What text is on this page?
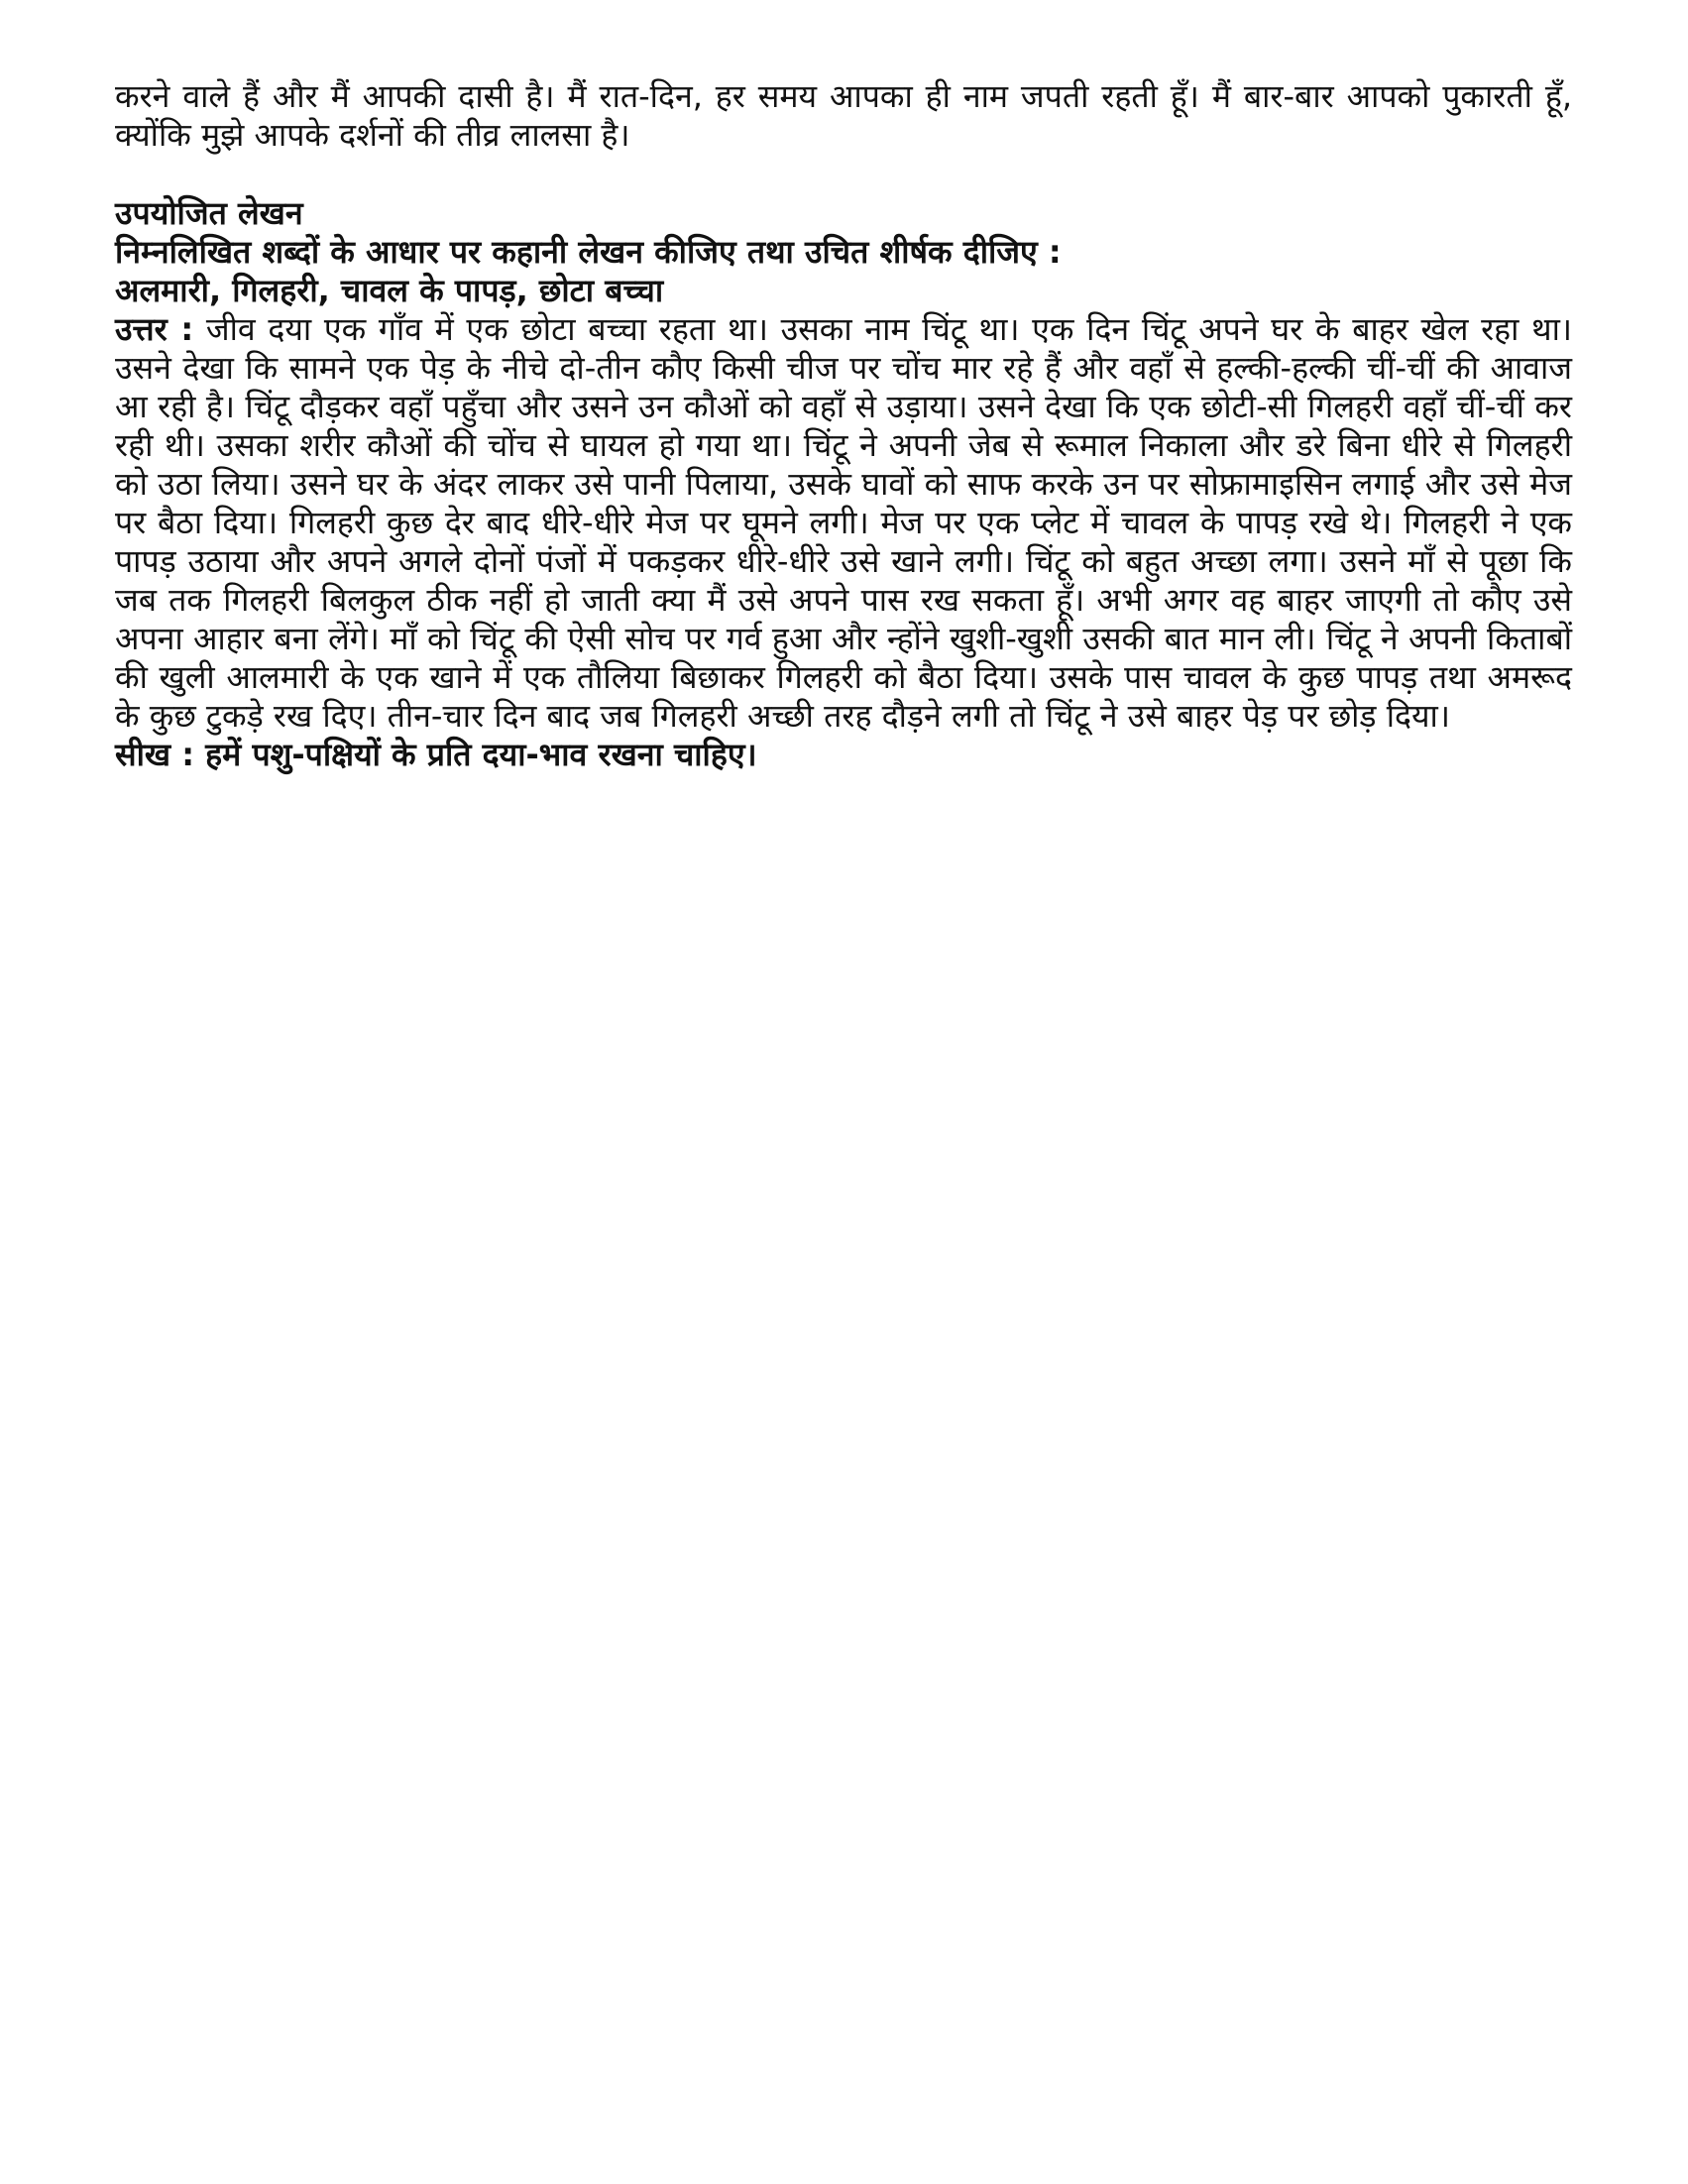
करने वाले हैं और मैं आपकी दासी है। मैं रात-दिन, हर समय आपका ही नाम जपती रहती हूँ। मैं बार-बार आपको पुकारती हूँ, क्योंकि मुझे आपके दर्शनों की तीव्र लालसा है।

उपयोजित लेखन

निम्नलिखित शब्दों के आधार पर कहानी लेखन कीजिए तथा उचित शीर्षक दीजिए :

अलमारी, गिलहरी, चावल के पापड़, छोटा बच्चा

उत्तर : जीव दया एक गाँव में एक छोटा बच्चा रहता था। उसका नाम चिंटू था। एक दिन चिंटू अपने घर के बाहर खेल रहा था। उसने देखा कि सामने एक पेड़ के नीचे दो-तीन कौए किसी चीज पर चोंच मार रहे हैं और वहाँ से हल्की-हल्की चीं-चीं की आवाज आ रही है। चिंटू दौड़कर वहाँ पहुँचा और उसने उन कौओं को वहाँ से उड़ाया। उसने देखा कि एक छोटी-सी गिलहरी वहाँ चीं-चीं कर रही थी। उसका शरीर कौओं की चोंच से घायल हो गया था। चिंटू ने अपनी जेब से रूमाल निकाला और डरे बिना धीरे से गिलहरी को उठा लिया। उसने घर के अंदर लाकर उसे पानी पिलाया, उसके घावों को साफ करके उन पर सोफ्रामाइसिन लगाई और उसे मेज पर बैठा दिया। गिलहरी कुछ देर बाद धीरे-धीरे मेज पर घूमने लगी। मेज पर एक प्लेट में चावल के पापड़ रखे थे। गिलहरी ने एक पापड़ उठाया और अपने अगले दोनों पंजों में पकड़कर धीरे-धीरे उसे खाने लगी। चिंटू को बहुत अच्छा लगा। उसने माँ से पूछा कि जब तक गिलहरी बिलकुल ठीक नहीं हो जाती क्या मैं उसे अपने पास रख सकता हूँ। अभी अगर वह बाहर जाएगी तो कौए उसे अपना आहार बना लेंगे। माँ को चिंटू की ऐसी सोच पर गर्व हुआ और न्होंने खुशी-खुशी उसकी बात मान ली। चिंटू ने अपनी किताबों की खुली आलमारी के एक खाने में एक तौलिया बिछाकर गिलहरी को बैठा दिया। उसके पास चावल के कुछ पापड़ तथा अमरूद के कुछ टुकड़े रख दिए। तीन-चार दिन बाद जब गिलहरी अच्छी तरह दौड़ने लगी तो चिंटू ने उसे बाहर पेड़ पर छोड़ दिया।

सीख : हमें पशु-पक्षियों के प्रति दया-भाव रखना चाहिए।
